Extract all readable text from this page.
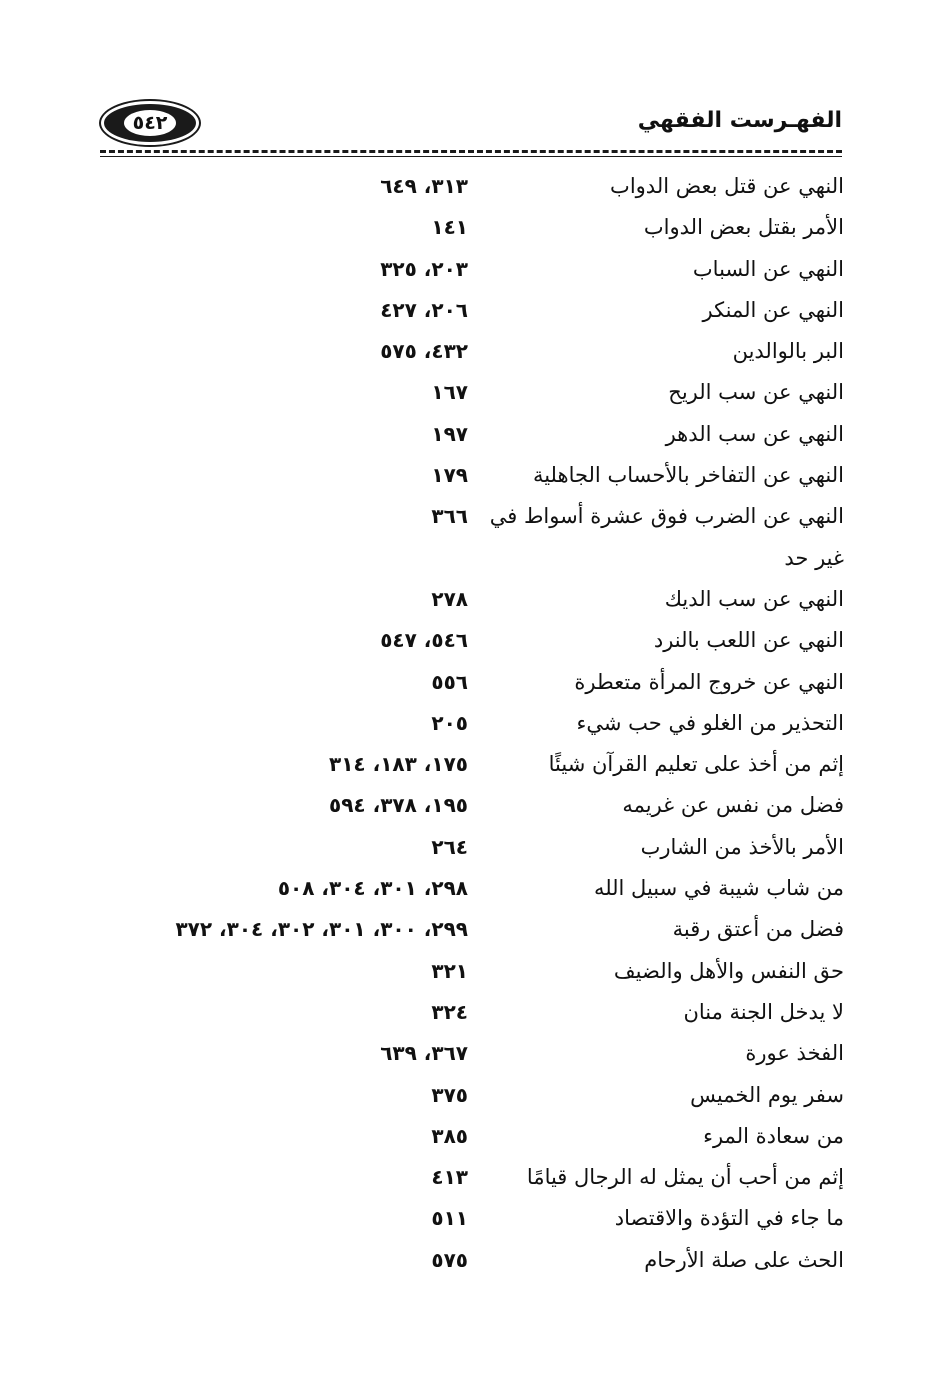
٥٤٢	الفهـرست الفقهي
النهي عن قتل بعض الدواب
٣١٣، ٦٤٩
الأمر بقتل بعض الدواب
١٤١
النهي عن السباب
٢٠٣، ٣٢٥
النهي عن المنكر
٢٠٦، ٤٢٧
البر بالوالدين
٤٣٢، ٥٧٥
النهي عن سب الريح
١٦٧
النهي عن سب الدهر
١٩٧
النهي عن التفاخر بالأحساب الجاهلية
١٧٩
النهي عن الضرب فوق عشرة أسواط في
٣٦٦
غير حد
النهي عن سب الديك
٢٧٨
النهي عن اللعب بالنرد
٥٤٦، ٥٤٧
النهي عن خروج المرأة متعطرة
٥٥٦
التحذير من الغلو في حب شيء
٢٠٥
إثم من أخذ على تعليم القرآن شيئًا
١٧٥، ١٨٣، ٣١٤
فضل من نفس عن غريمه
١٩٥، ٣٧٨، ٥٩٤
الأمر بالأخذ من الشارب
٢٦٤
من شاب شيبة في سبيل الله
٢٩٨، ٣٠١، ٣٠٤، ٥٠٨
فضل من أعتق رقبة
٢٩٩، ٣٠٠، ٣٠١، ٣٠٢، ٣٠٤، ٣٧٢
حق النفس والأهل والضيف
٣٢١
لا يدخل الجنة منان
٣٢٤
الفخذ عورة
٣٦٧، ٦٣٩
سفر يوم الخميس
٣٧٥
من سعادة المرء
٣٨٥
إثم من أحب أن يمثل له الرجال قيامًا
٤١٣
ما جاء في التؤدة والاقتصاد
٥١١
الحث على صلة الأرحام
٥٧٥
